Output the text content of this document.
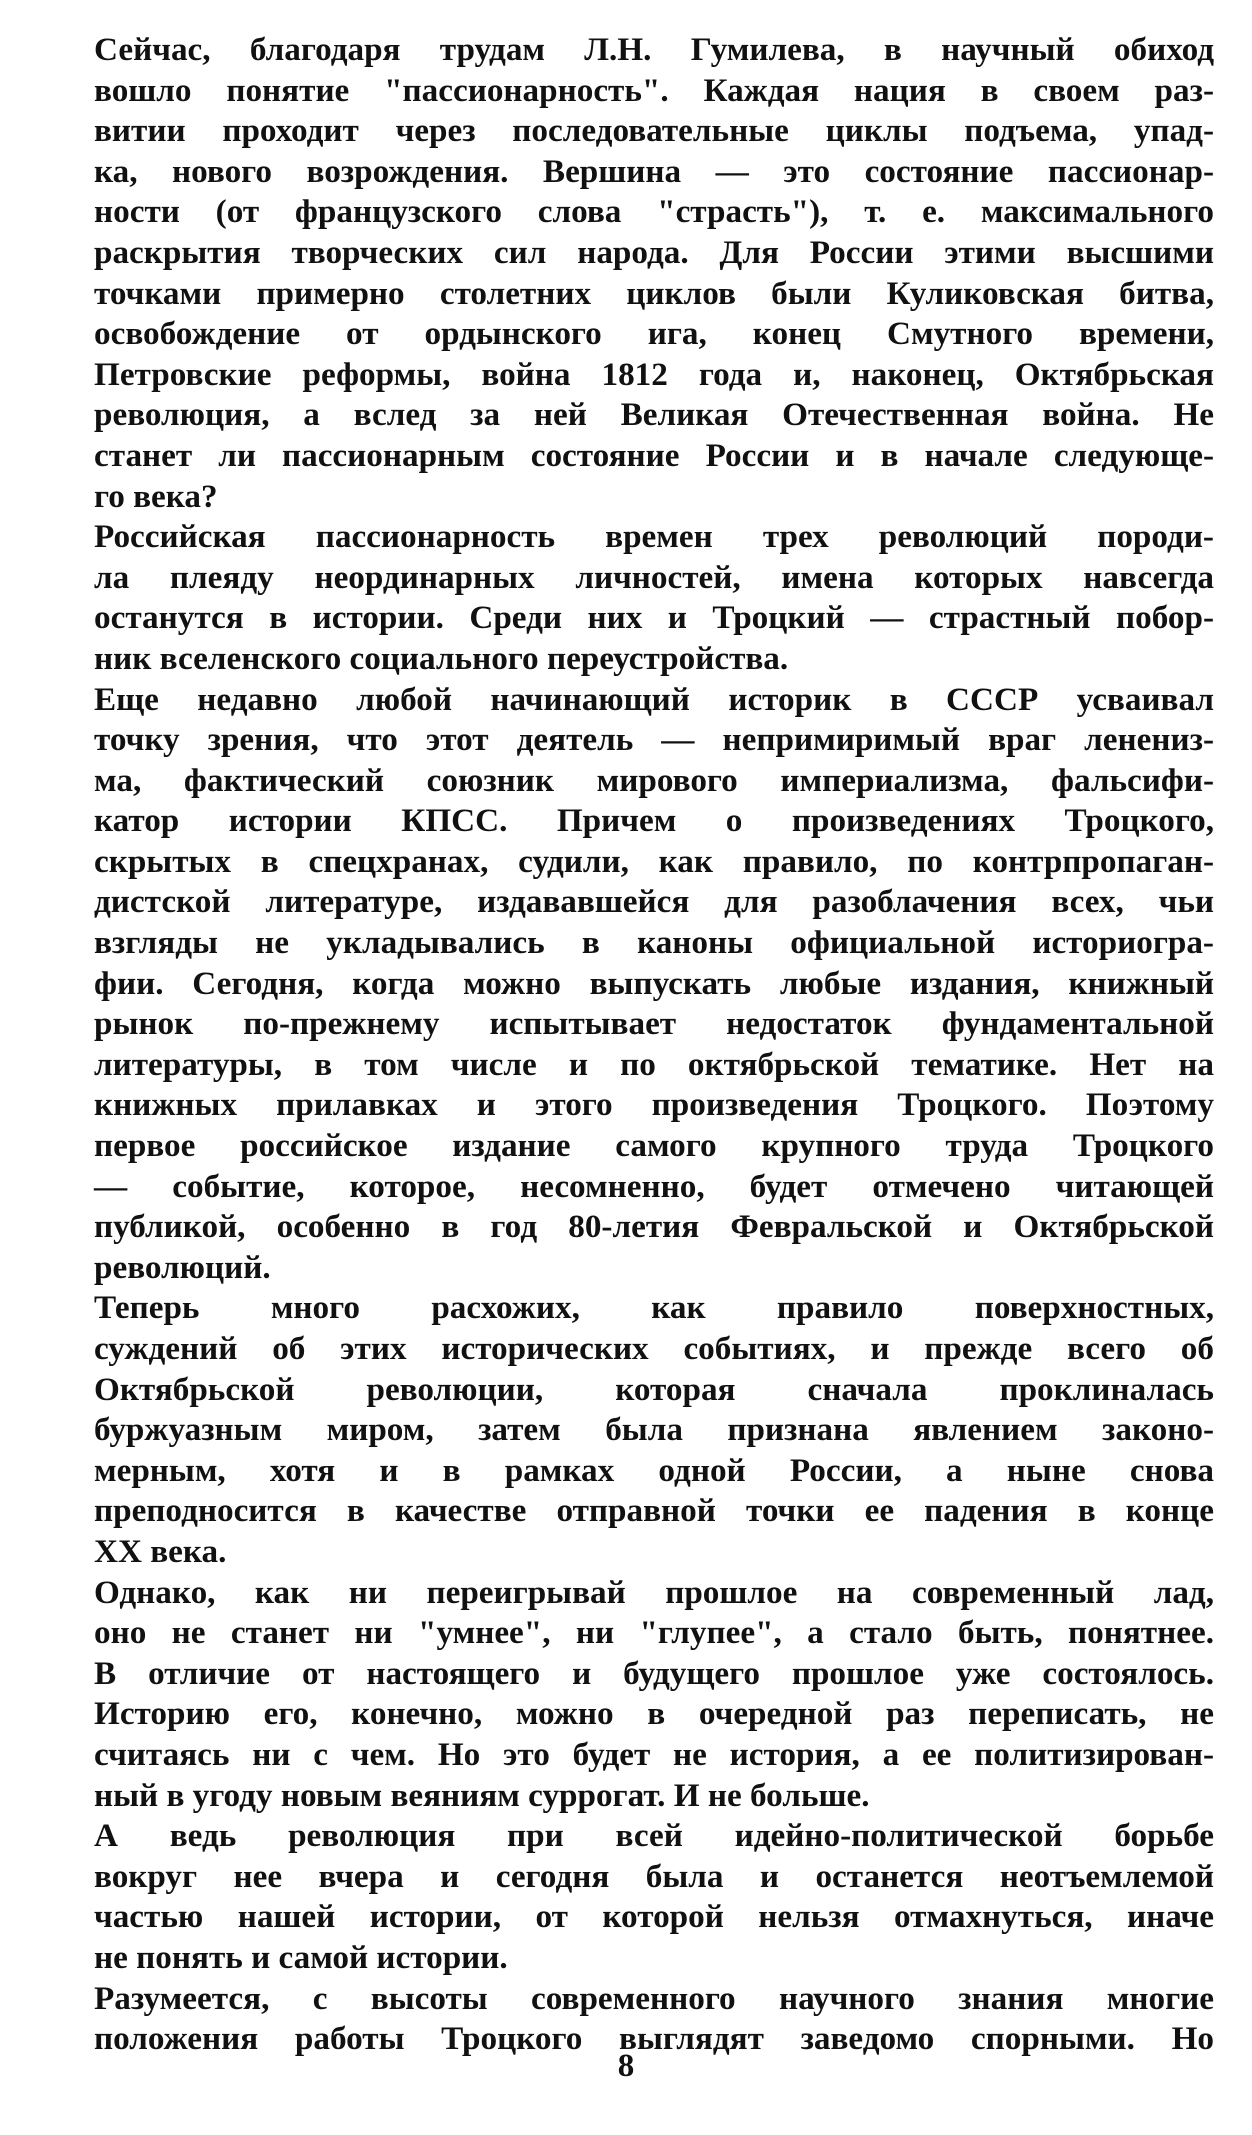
Сейчас, благодаря трудам Л.Н. Гумилева, в научный обиход
вошло понятие "пассионарность". Каждая нация в своем раз-
витии проходит через последовательные циклы подъема, упад-
ка, нового возрождения. Вершина — это состояние пассионар-
ности (от французского слова "страсть"), т. е. максимального
раскрытия творческих сил народа. Для России этими высшими
точками примерно столетних циклов были Куликовская битва,
освобождение от ордынского ига, конец Смутного времени,
Петровские реформы, война 1812 года и, наконец, Октябрьская
революция, а вслед за ней Великая Отечественная война. Не
станет ли пассионарным состояние России и в начале следующе-
го века?

Российская пассионарность времен трех революций породи-
ла плеяду неординарных личностей, имена которых навсегда
останутся в истории. Среди них и Троцкий — страстный побор-
ник вселенского социального переустройства.

Еще недавно любой начинающий историк в СССР усваивал
точку зрения, что этот деятель — непримиримый враг ленениз-
ма, фактический союзник мирового империализма, фальсифи-
катор истории КПСС. Причем о произведениях Троцкого,
скрытых в спецхранах, судили, как правило, по контрпропаган-
дистской литературе, издававшейся для разоблачения всех, чьи
взгляды не укладывались в каноны официальной историогра-
фии. Сегодня, когда можно выпускать любые издания, книжный
рынок по-прежнему испытывает недостаток фундаментальной
литературы, в том числе и по октябрьской тематике. Нет на
книжных прилавках и этого произведения Троцкого. Поэтому
первое российское издание самого крупного труда Троцкого
— событие, которое, несомненно, будет отмечено читающей
публикой, особенно в год 80-летия Февральской и Октябрьской
революций.

Теперь много расхожих, как правило поверхностных,
суждений об этих исторических событиях, и прежде всего об
Октябрьской революции, которая сначала проклиналась
буржуазным миром, затем была признана явлением законо-
мерным, хотя и в рамках одной России, а ныне снова
преподносится в качестве отправной точки ее падения в конце
XX века.

Однако, как ни переигрывай прошлое на современный лад,
оно не станет ни "умнее", ни "глупее", а стало быть, понятнее.
В отличие от настоящего и будущего прошлое уже состоялось.
Историю его, конечно, можно в очередной раз переписать, не
считаясь ни с чем. Но это будет не история, а ее политизирован-
ный в угоду новым веяниям суррогат. И не больше.

А ведь революция при всей идейно-политической борьбе
вокруг нее вчера и сегодня была и останется неотъемлемой
частью нашей истории, от которой нельзя отмахнуться, иначе
не понять и самой истории.

Разумеется, с высоты современного научного знания многие
положения работы Троцкого выглядят заведомо спорными. Но

8
